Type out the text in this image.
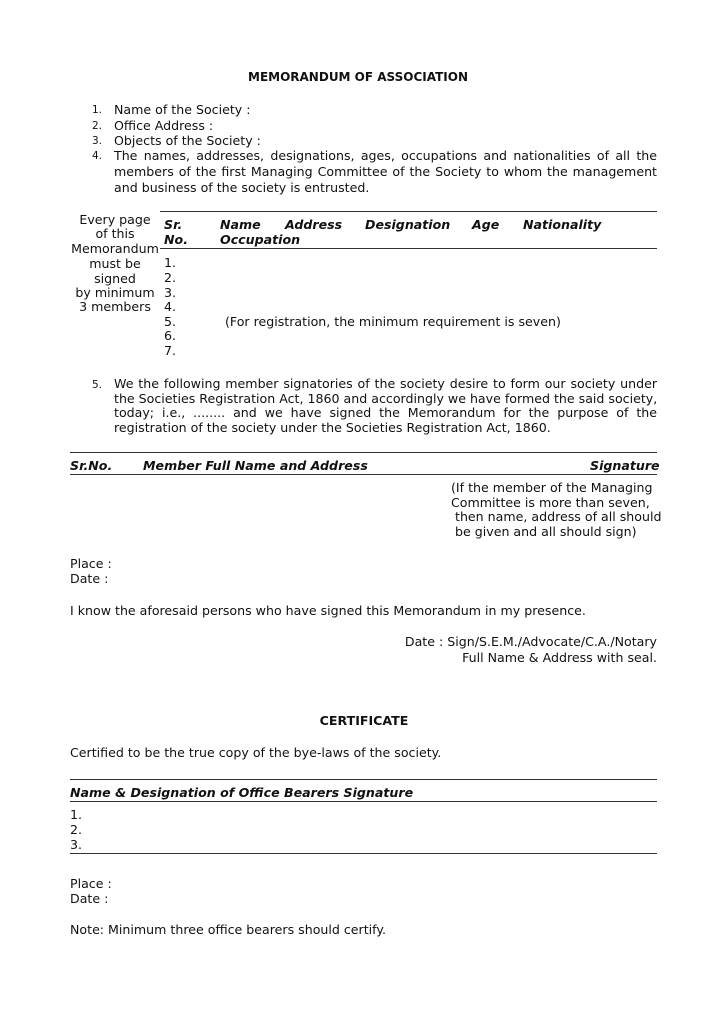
MEMORANDUM OF ASSOCIATION
1. Name of the Society :
2. Office Address :
3. Objects of the Society :
4. The names, addresses, designations, ages, occupations and nationalities of all the
members of the first Managing Committee of the Society to whom the management
and business of the society is entrusted.
Every page
of this
Memorandum
must be
signed
by minimum
3 members
Sr.
No.
Name Address
Occupation
Designation Age Nationality
1.
2.
3.
4.
5.
6.
7.
(For registration, the minimum requirement is seven)
5. We the following member signatories of the society desire to form our society under
the Societies Registration Act, 1860 and accordingly we have formed the said society,
today; i.e., ........ and we have signed the Memorandum for the purpose of the
registration of the society under the Societies Registration Act, 1860.
Sr.No. Member Full Name and Address	Signature
(If the member of the Managing
Committee is more than seven,
then name, address of all should
be given and all should sign)
Place :
Date :
I know the aforesaid persons who have signed this Memorandum in my presence.
Date : Sign/S.E.M./Advocate/C.A./Notary
Full Name & Address with seal.
CERTIFICATE
Certified to be the true copy of the bye-laws of the society.
Name & Designation of Office Bearers Signature
1.
2.
3.
Place :
Date :
Note: Minimum three office bearers should certify.
